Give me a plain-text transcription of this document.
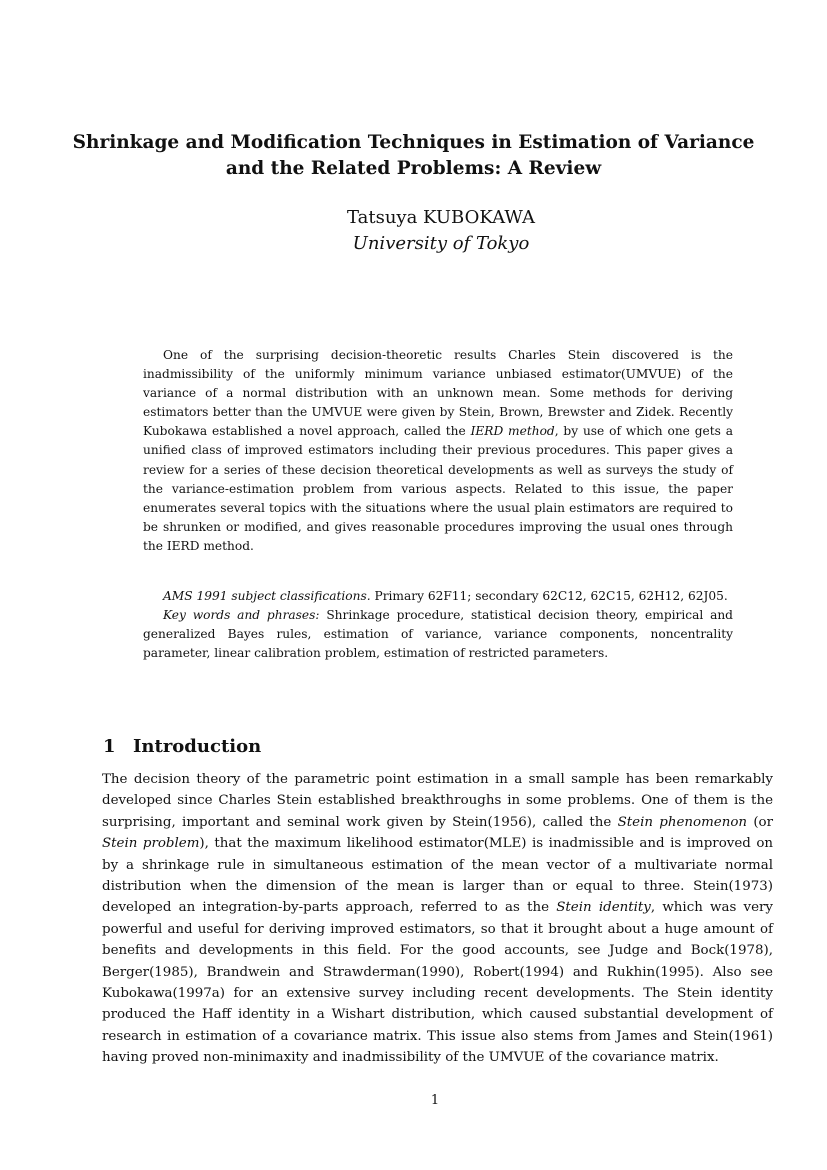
Shrinkage and Modification Techniques in Estimation of Variance
and the Related Problems: A Review
Tatsuya KUBOKAWA
University of Tokyo

One of the surprising decision-theoretic results Charles Stein discovered is the inadmissibility of the uniformly minimum variance unbiased estimator(UMVUE) of the variance of a normal distribution with an unknown mean. Some methods for deriving estimators better than the UMVUE were given by Stein, Brown, Brewster and Zidek. Recently Kubokawa established a novel approach, called the IERD method, by use of which one gets a unified class of improved estimators including their previous procedures. This paper gives a review for a series of these decision theoretical developments as well as surveys the study of the variance-estimation problem from various aspects. Related to this issue, the paper enumerates several topics with the situations where the usual plain estimators are required to be shrunken or modified, and gives reasonable procedures improving the usual ones through the IERD method.

AMS 1991 subject classifications. Primary 62F11; secondary 62C12, 62C15, 62H12, 62J05.

Key words and phrases: Shrinkage procedure, statistical decision theory, empirical and generalized Bayes rules, estimation of variance, variance components, noncentrality parameter, linear calibration problem, estimation of restricted parameters.

1 Introduction

The decision theory of the parametric point estimation in a small sample has been remarkably developed since Charles Stein established breakthroughs in some problems. One of them is the surprising, important and seminal work given by Stein(1956), called the Stein phenomenon (or Stein problem), that the maximum likelihood estimator(MLE) is inadmissible and is improved on by a shrinkage rule in simultaneous estimation of the mean vector of a multivariate normal distribution when the dimension of the mean is larger than or equal to three. Stein(1973) developed an integration-by-parts approach, referred to as the Stein identity, which was very powerful and useful for deriving improved estimators, so that it brought about a huge amount of benefits and developments in this field. For the good accounts, see Judge and Bock(1978), Berger(1985), Brandwein and Strawderman(1990), Robert(1994) and Rukhin(1995). Also see Kubokawa(1997a) for an extensive survey including recent developments. The Stein identity produced the Haff identity in a Wishart distribution, which caused substantial development of research in estimation of a covariance matrix. This issue also stems from James and Stein(1961) having proved non-minimaxity and inadmissibility of the UMVUE of the covariance matrix.

1
